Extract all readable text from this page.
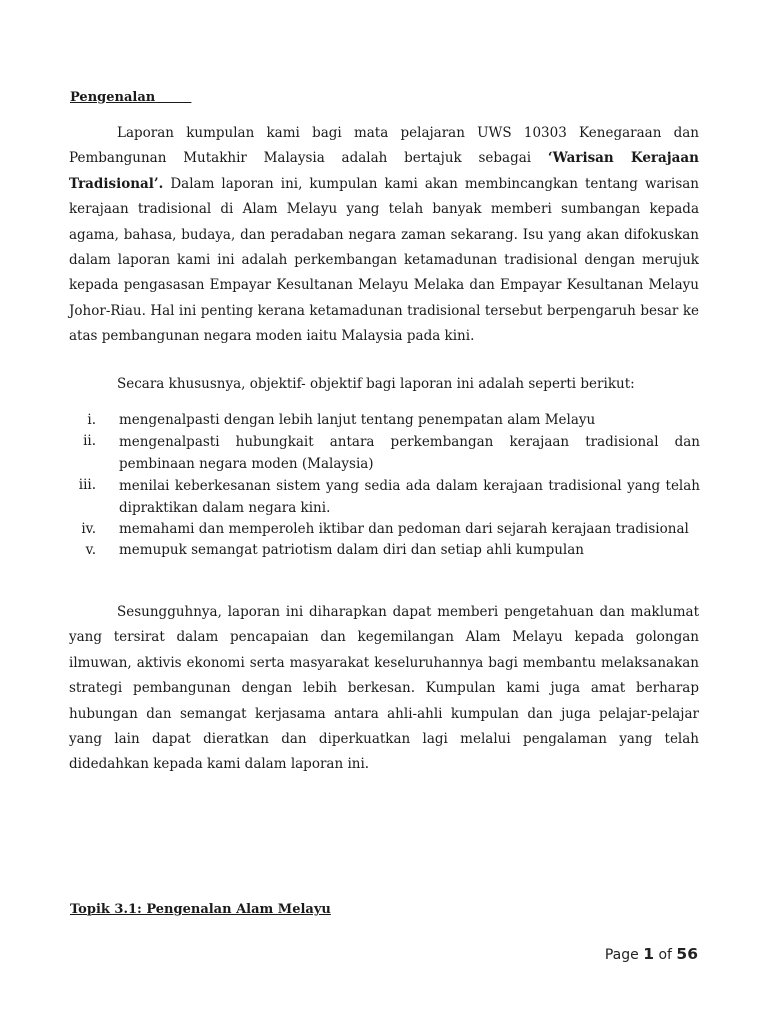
Pengenalan

Laporan kumpulan kami bagi mata pelajaran UWS 10303 Kenegaraan dan Pembangunan Mutakhir Malaysia adalah bertajuk sebagai ‘Warisan Kerajaan Tradisional’. Dalam laporan ini, kumpulan kami akan membincangkan tentang warisan kerajaan tradisional di Alam Melayu yang telah banyak memberi sumbangan kepada agama, bahasa, budaya, dan peradaban negara zaman sekarang. Isu yang akan difokuskan dalam laporan kami ini adalah perkembangan ketamadunan tradisional dengan merujuk kepada pengasasan Empayar Kesultanan Melayu Melaka dan Empayar Kesultanan Melayu Johor-Riau. Hal ini penting kerana ketamadunan tradisional tersebut berpengaruh besar ke atas pembangunan negara moden iaitu Malaysia pada kini.

Secara khususnya, objektif- objektif bagi laporan ini adalah seperti berikut:
i. mengenalpasti dengan lebih lanjut tentang penempatan alam Melayu
ii. mengenalpasti hubungkait antara perkembangan kerajaan tradisional dan pembinaan negara moden (Malaysia)
iii. menilai keberkesanan sistem yang sedia ada dalam kerajaan tradisional yang telah dipraktikan dalam negara kini.
iv. memahami dan memperoleh iktibar dan pedoman dari sejarah kerajaan tradisional
v. memupuk semangat patriotism dalam diri dan setiap ahli kumpulan

Sesungguhnya, laporan ini diharapkan dapat memberi pengetahuan dan maklumat yang tersirat dalam pencapaian dan kegemilangan Alam Melayu kepada golongan ilmuwan, aktivis ekonomi serta masyarakat keseluruhannya bagi membantu melaksanakan strategi pembangunan dengan lebih berkesan. Kumpulan kami juga amat berharap hubungan dan semangat kerjasama antara ahli-ahli kumpulan dan juga pelajar-pelajar yang lain dapat dieratkan dan diperkuatkan lagi melalui pengalaman yang telah didedahkan kepada kami dalam laporan ini.

Topik 3.1: Pengenalan Alam Melayu
Page 1 of 56
